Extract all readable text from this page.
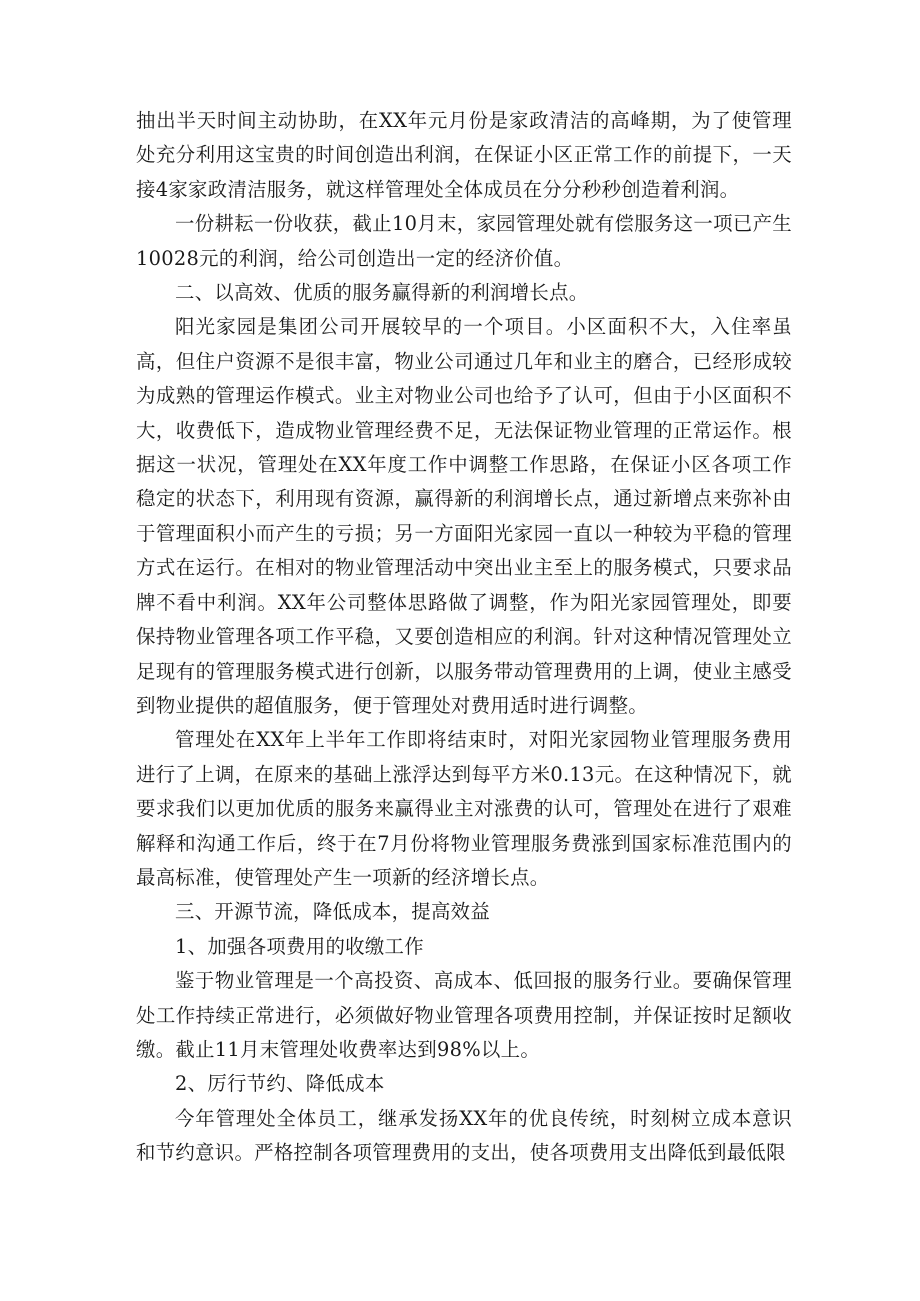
抽出半天时间主动协助，在XX年元月份是家政清洁的高峰期，为了使管理处充分利用这宝贵的时间创造出利润，在保证小区正常工作的前提下，一天接4家家政清洁服务，就这样管理处全体成员在分分秒秒创造着利润。

一份耕耘一份收获，截止10月末，家园管理处就有偿服务这一项已产生10028元的利润，给公司创造出一定的经济价值。

二、以高效、优质的服务赢得新的利润增长点。

阳光家园是集团公司开展较早的一个项目。小区面积不大，入住率虽高，但住户资源不是很丰富，物业公司通过几年和业主的磨合，已经形成较为成熟的管理运作模式。业主对物业公司也给予了认可，但由于小区面积不大，收费低下，造成物业管理经费不足，无法保证物业管理的正常运作。根据这一状况，管理处在XX年度工作中调整工作思路，在保证小区各项工作稳定的状态下，利用现有资源，赢得新的利润增长点，通过新增点来弥补由于管理面积小而产生的亏损；另一方面阳光家园一直以一种较为平稳的管理方式在运行。在相对的物业管理活动中突出业主至上的服务模式，只要求品牌不看中利润。XX年公司整体思路做了调整，作为阳光家园管理处，即要保持物业管理各项工作平稳，又要创造相应的利润。针对这种情况管理处立足现有的管理服务模式进行创新，以服务带动管理费用的上调，使业主感受到物业提供的超值服务，便于管理处对费用适时进行调整。

管理处在XX年上半年工作即将结束时，对阳光家园物业管理服务费用进行了上调，在原来的基础上涨浮达到每平方米0.13元。在这种情况下，就要求我们以更加优质的服务来赢得业主对涨费的认可，管理处在进行了艰难解释和沟通工作后，终于在7月份将物业管理服务费涨到国家标准范围内的最高标准，使管理处产生一项新的经济增长点。

三、开源节流，降低成本，提高效益

1、加强各项费用的收缴工作

鉴于物业管理是一个高投资、高成本、低回报的服务行业。要确保管理处工作持续正常进行，必须做好物业管理各项费用控制，并保证按时足额收缴。截止11月末管理处收费率达到98%以上。

2、厉行节约、降低成本

今年管理处全体员工，继承发扬XX年的优良传统，时刻树立成本意识和节约意识。严格控制各项管理费用的支出，使各项费用支出降低到最低限
